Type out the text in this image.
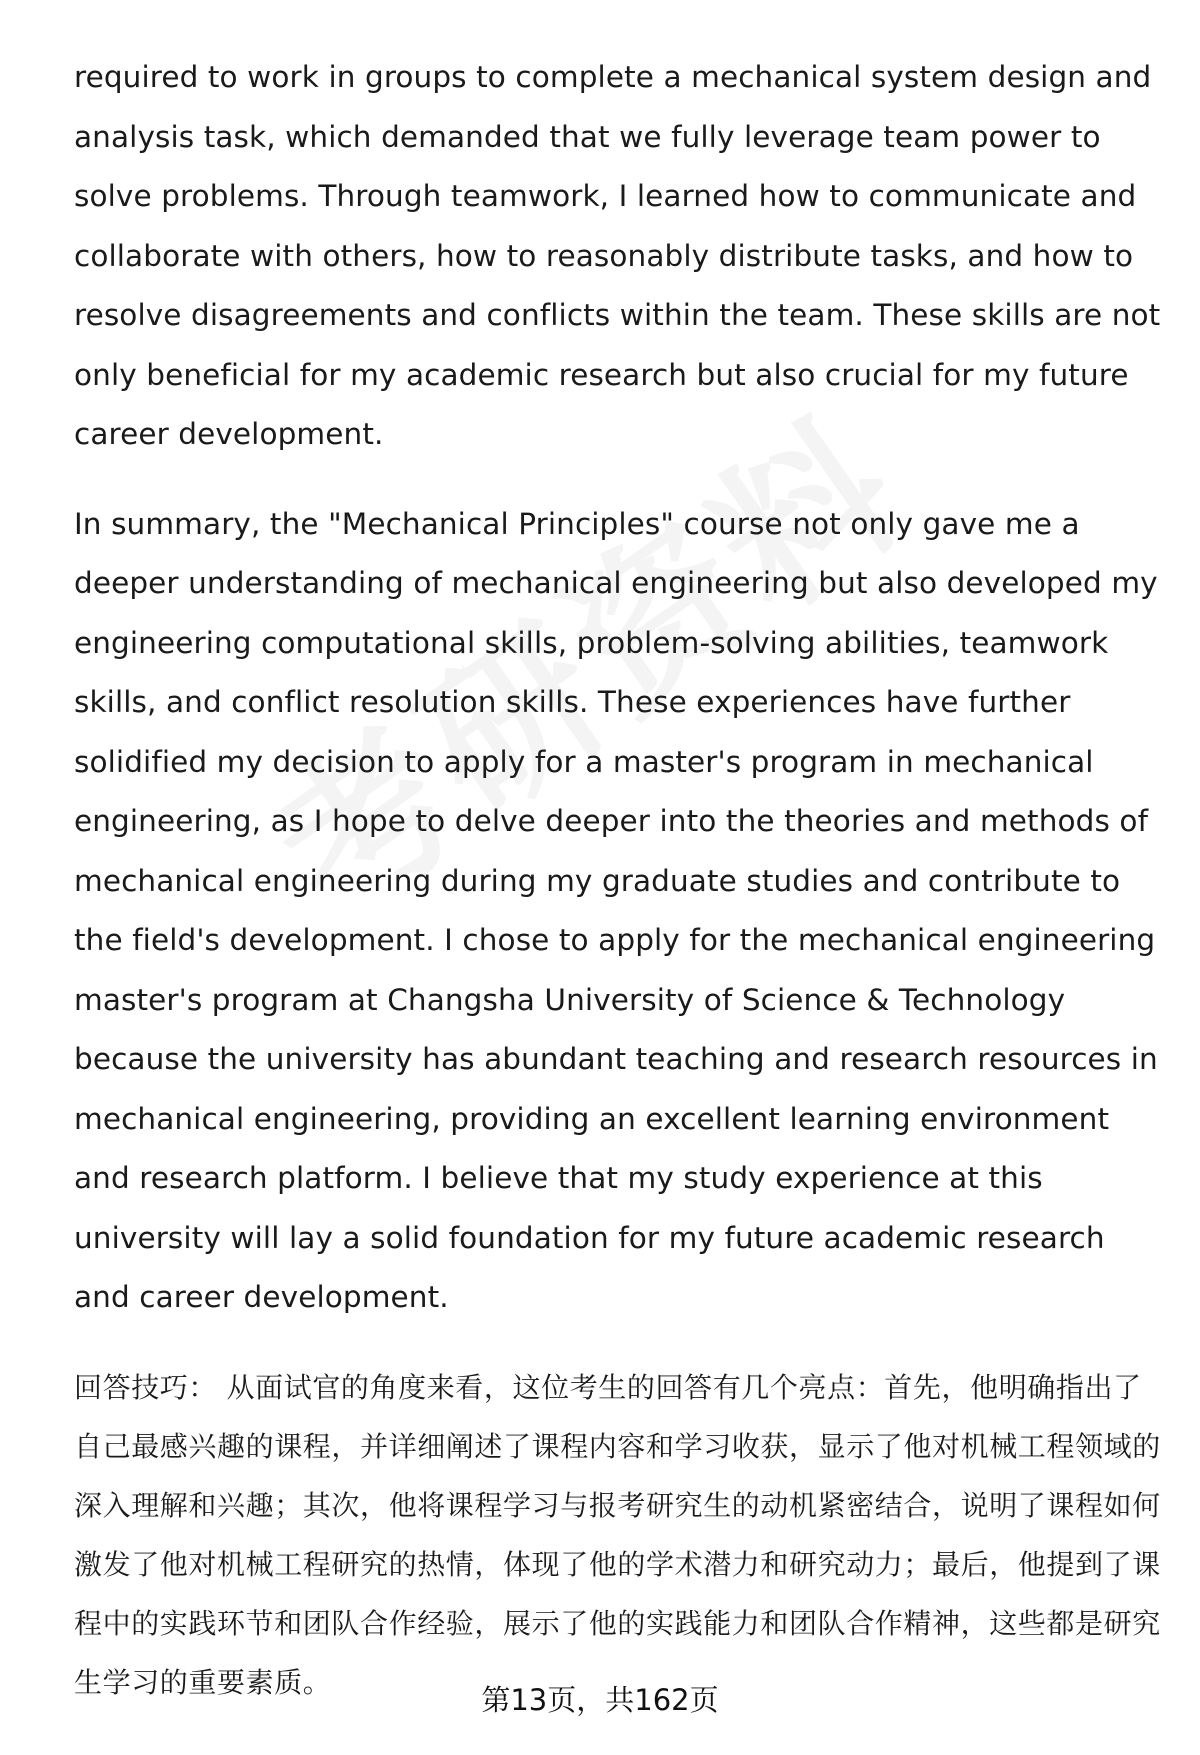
required to work in groups to complete a mechanical system design and analysis task, which demanded that we fully leverage team power to solve problems. Through teamwork, I learned how to communicate and collaborate with others, how to reasonably distribute tasks, and how to resolve disagreements and conflicts within the team. These skills are not only beneficial for my academic research but also crucial for my future career development.

In summary, the "Mechanical Principles" course not only gave me a deeper understanding of mechanical engineering but also developed my engineering computational skills, problem-solving abilities, teamwork skills, and conflict resolution skills. These experiences have further solidified my decision to apply for a master's program in mechanical engineering, as I hope to delve deeper into the theories and methods of mechanical engineering during my graduate studies and contribute to the field's development. I chose to apply for the mechanical engineering master's program at Changsha University of Science & Technology because the university has abundant teaching and research resources in mechanical engineering, providing an excellent learning environment and research platform. I believe that my study experience at this university will lay a solid foundation for my future academic research and career development.

回答技巧： 从面试官的角度来看，这位考生的回答有几个亮点：首先，他明确指出了自己最感兴趣的课程，并详细阐述了课程内容和学习收获，显示了他对机械工程领域的深入理解和兴趣；其次，他将课程学习与报考研究生的动机紧密结合，说明了课程如何激发了他对机械工程研究的热情，体现了他的学术潜力和研究动力；最后，他提到了课程中的实践环节和团队合作经验，展示了他的实践能力和团队合作精神，这些都是研究生学习的重要素质。

第13页，共162页
